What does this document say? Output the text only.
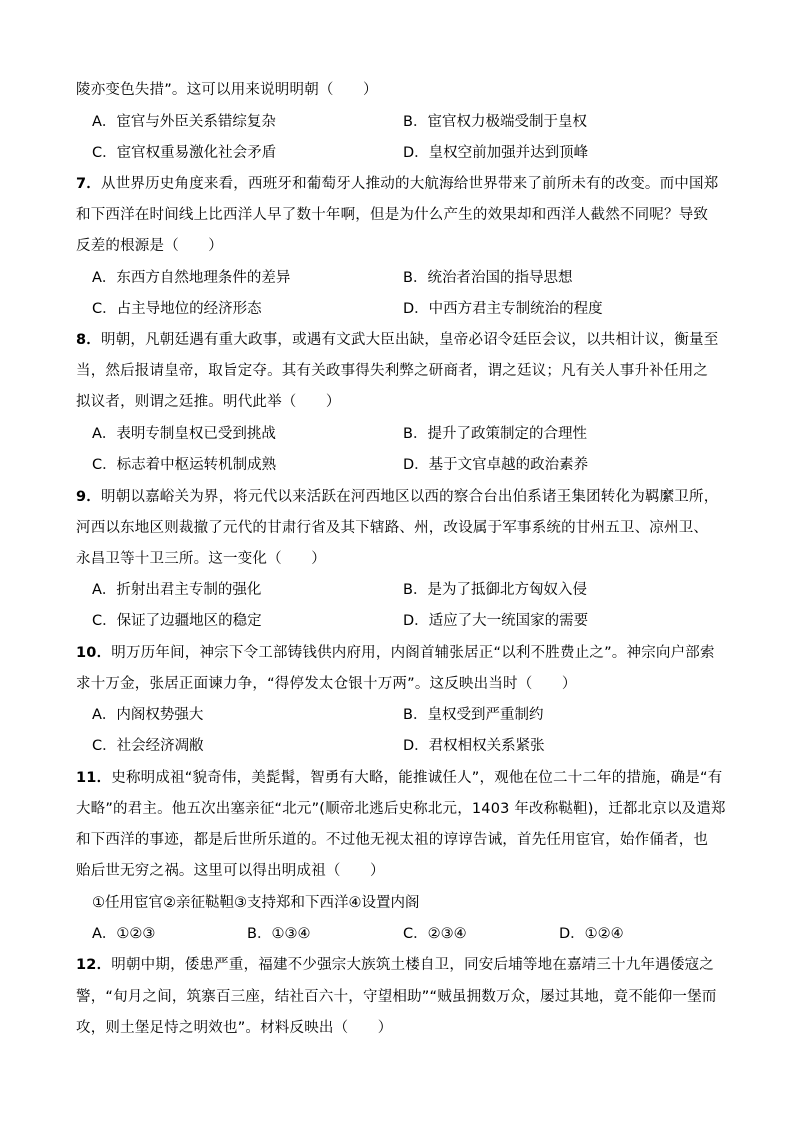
陵亦变色失措”。这可以用来说明明朝（　　）
A．宦官与外臣关系错综复杂	B．宦官权力极端受制于皇权
C．宦官权重易激化社会矛盾	D．皇权空前加强并达到顶峰
7．从世界历史角度来看，西班牙和葡萄牙人推动的大航海给世界带来了前所未有的改变。而中国郑
和下西洋在时间线上比西洋人早了数十年啊，但是为什么产生的效果却和西洋人截然不同呢？导致
反差的根源是（　　）
A．东西方自然地理条件的差异	B．统治者治国的指导思想
C．占主导地位的经济形态	D．中西方君主专制统治的程度
8．明朝，凡朝廷遇有重大政事，或遇有文武大臣出缺，皇帝必诏令廷臣会议，以共相计议，衡量至
当，然后报请皇帝，取旨定夺。其有关政事得失利弊之研商者，谓之廷议；凡有关人事升补任用之
拟议者，则谓之廷推。明代此举（　　）
A．表明专制皇权已受到挑战	B．提升了政策制定的合理性
C．标志着中枢运转机制成熟	D．基于文官卓越的政治素养
9．明朝以嘉峪关为界，将元代以来活跃在河西地区以西的察合台出伯系诸王集团转化为羁縻卫所，
河西以东地区则裁撤了元代的甘肃行省及其下辖路、州，改设属于军事系统的甘州五卫、凉州卫、
永昌卫等十卫三所。这一变化（　　）
A．折射出君主专制的强化	B．是为了抵御北方匈奴入侵
C．保证了边疆地区的稳定	D．适应了大一统国家的需要
10．明万历年间，神宗下令工部铸钱供内府用，内阁首辅张居正“以利不胜费止之”。神宗向户部索
求十万金，张居正面谏力争，“得停发太仓银十万两”。这反映出当时（　　）
A．内阁权势强大	B．皇权受到严重制约
C．社会经济凋敝	D．君权相权关系紧张
11．史称明成祖“貌奇伟，美髭髯，智勇有大略，能推诚任人”，观他在位二十二年的措施，确是“有
大略”的君主。他五次出塞亲征“北元”(顺帝北逃后史称北元，1403 年改称鞑靼)，迁都北京以及遣郑
和下西洋的事迹，都是后世所乐道的。不过他无视太祖的谆谆告诫，首先任用宦官，始作俑者，也
贻后世无穷之祸。这里可以得出明成祖（　　）
①任用宦官②亲征鞑靼③支持郑和下西洋④设置内阁
A．①②③	B．①③④	C．②③④	D．①②④
12．明朝中期，倭患严重，福建不少强宗大族筑土楼自卫，同安后埔等地在嘉靖三十九年遇倭寇之
警，“旬月之间，筑寨百三座，结社百六十，守望相助”“贼虽拥数万众，屡过其地，竟不能仰一堡而
攻，则土堡足恃之明效也”。材料反映出（　　）
